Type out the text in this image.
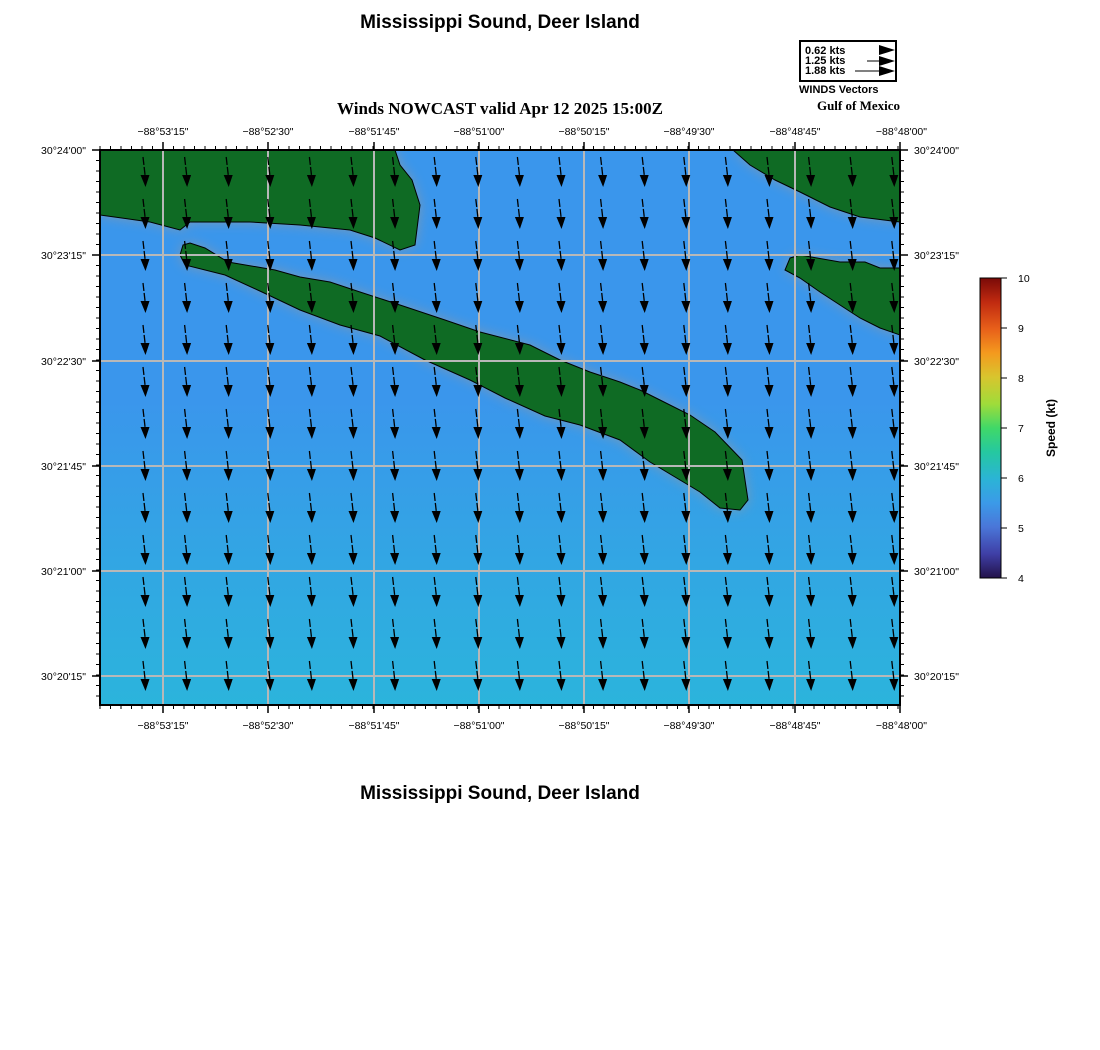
Mississippi Sound, Deer Island
Winds NOWCAST valid Apr 12 2025 15:00Z	Gulf of Mexico
0.62 kts
1.25 kts
1.88 kts
WINDS Vectors
−88°53'15"	−88°52'30"	−88°51'45"	−88°51'00"	−88°50'15"	−88°49'30"	−88°48'45"	−88°48'00"
−88°53'15"	−88°52'30"	−88°51'45"	−88°51'00"	−88°50'15"	−88°49'30"	−88°48'45"	−88°48'00"
30°24'00"
30°23'15"
30°22'30"
30°21'45"
30°21'00"
30°20'15"
30°24'00"
30°23'15"
30°22'30"
30°21'45"
30°21'00"
30°20'15"
10
9
8
7
6
5
4
Speed (kt)
Mississippi Sound, Deer Island
